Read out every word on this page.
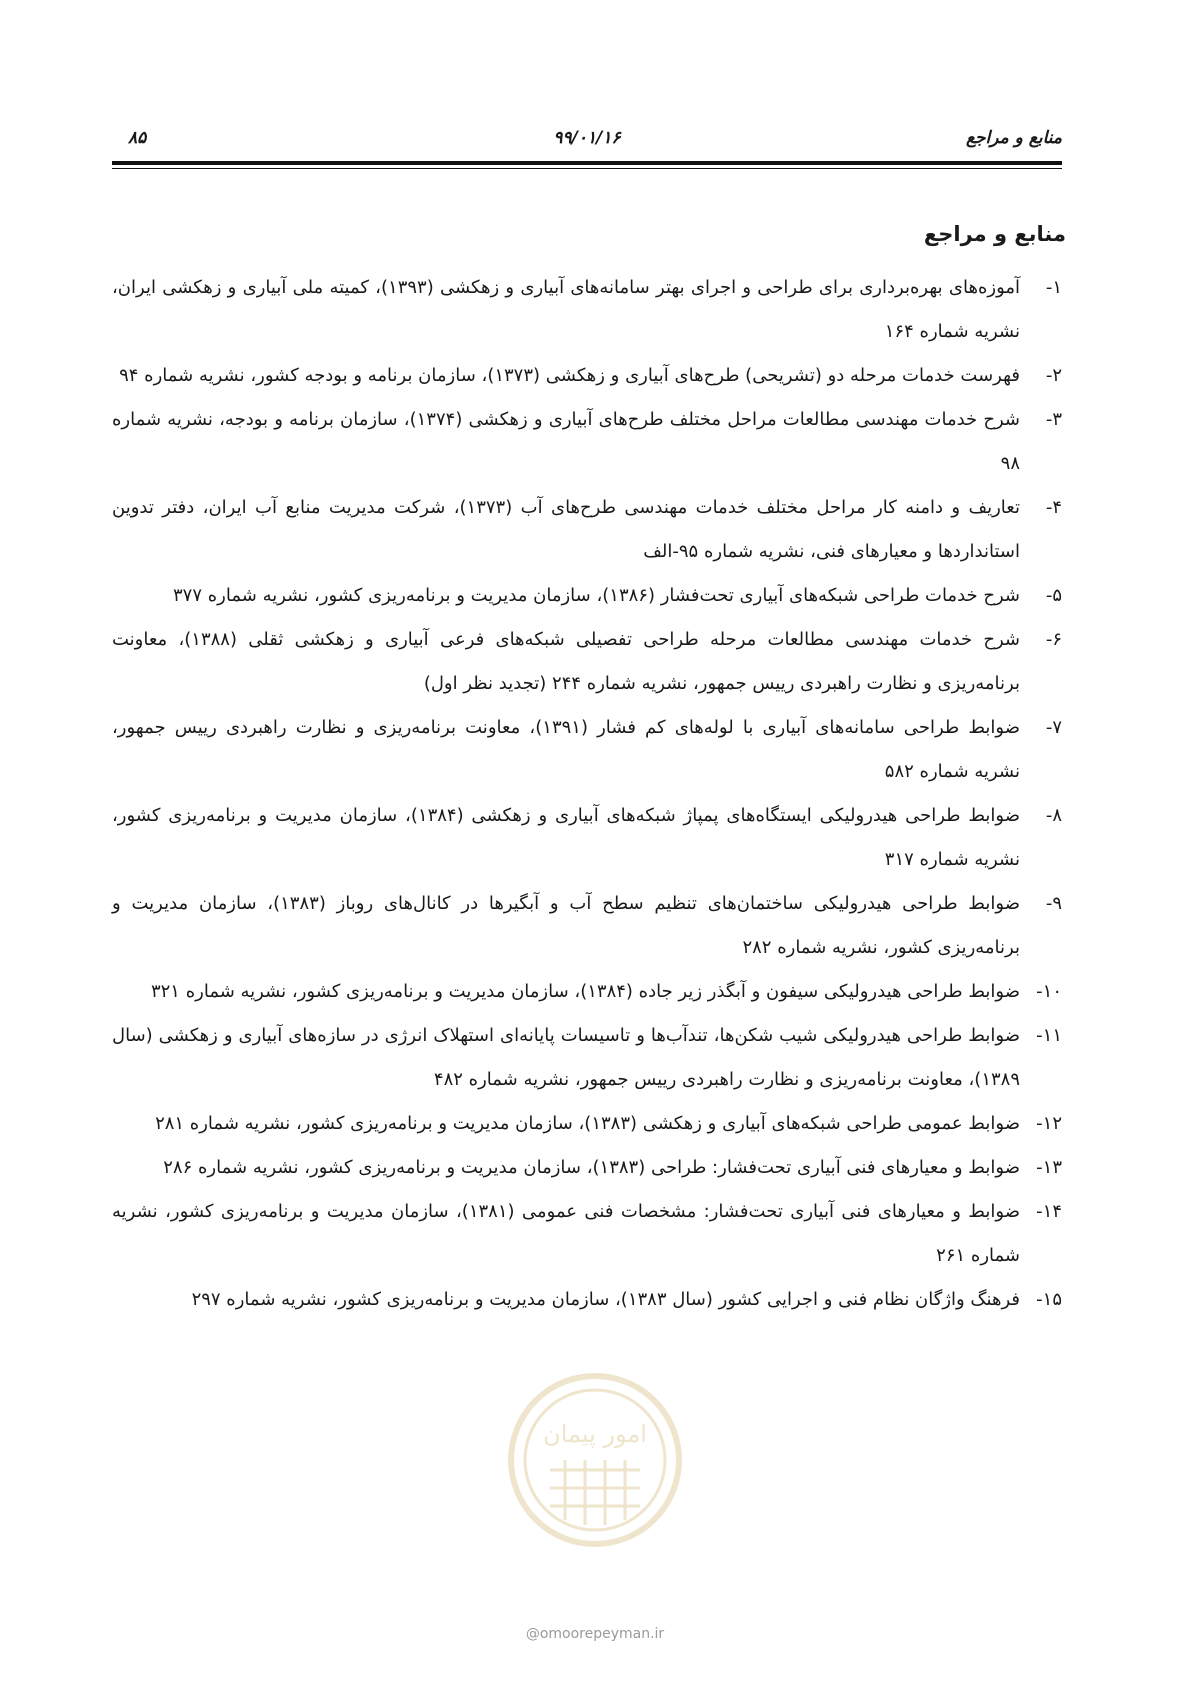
۸۵	۹۹/۰۱/۱۶	منابع و مراجع
منابع و مراجع
۱-
آموزه‌های بهره‌برداری برای طراحی و اجرای بهتر سامانه‌های آبیاری و زهکشی (۱۳۹۳)، کمیته ملی آبیاری و زهکشی ایران، نشریه شماره ۱۶۴
۲-
فهرست خدمات مرحله دو (تشریحی) طرح‌های آبیاری و زهکشی (۱۳۷۳)، سازمان برنامه و بودجه کشور، نشریه شماره ۹۴
۳-
شرح خدمات مهندسی مطالعات مراحل مختلف طرح‌های آبیاری و زهکشی (۱۳۷۴)، سازمان برنامه و بودجه، نشریه شماره ۹۸
۴-
تعاریف و دامنه کار مراحل مختلف خدمات مهندسی طرح‌های آب (۱۳۷۳)، شرکت مدیریت منابع آب ایران، دفتر تدوین استانداردها و معیارهای فنی، نشریه شماره ۹۵-الف
۵-
شرح خدمات طراحی شبکه‌های آبیاری تحت‌فشار (۱۳۸۶)، سازمان مدیریت و برنامه‌ریزی کشور، نشریه شماره ۳۷۷
۶-
شرح خدمات مهندسی مطالعات مرحله طراحی تفصیلی شبکه‌های فرعی آبیاری و زهکشی ثقلی (۱۳۸۸)، معاونت برنامه‌ریزی و نظارت راهبردی رییس جمهور، نشریه شماره ۲۴۴ (تجدید نظر اول)
۷-
ضوابط طراحی سامانه‌های آبیاری با لوله‌های کم فشار (۱۳۹۱)، معاونت برنامه‌ریزی و نظارت راهبردی رییس جمهور، نشریه شماره ۵۸۲
۸-
ضوابط طراحی هیدرولیکی ایستگاه‌های پمپاژ شبکه‌های آبیاری و زهکشی (۱۳۸۴)، سازمان مدیریت و برنامه‌ریزی کشور، نشریه شماره ۳۱۷
۹-
ضوابط طراحی هیدرولیکی ساختمان‌های تنظیم سطح آب و آبگیرها در کانال‌های روباز (۱۳۸۳)، سازمان مدیریت و برنامه‌ریزی کشور، نشریه شماره ۲۸۲
۱۰-
ضوابط طراحی هیدرولیکی سیفون و آبگذر زیر جاده (۱۳۸۴)، سازمان مدیریت و برنامه‌ریزی کشور، نشریه شماره ۳۲۱
۱۱-
ضوابط طراحی هیدرولیکی شیب شکن‌ها، تندآب‌ها و تاسیسات پایانه‌ای استهلاک انرژی در سازه‌های آبیاری و زهکشی (سال ۱۳۸۹)، معاونت برنامه‌ریزی و نظارت راهبردی رییس جمهور، نشریه شماره ۴۸۲
۱۲-
ضوابط عمومی طراحی شبکه‌های آبیاری و زهکشی (۱۳۸۳)، سازمان مدیریت و برنامه‌ریزی کشور، نشریه شماره ۲۸۱
۱۳-
ضوابط و معیارهای فنی آبیاری تحت‌فشار: طراحی (۱۳۸۳)، سازمان مدیریت و برنامه‌ریزی کشور، نشریه شماره ۲۸۶
۱۴-
ضوابط و معیارهای فنی آبیاری تحت‌فشار: مشخصات فنی عمومی (۱۳۸۱)، سازمان مدیریت و برنامه‌ریزی کشور، نشریه شماره ۲۶۱
۱۵-
فرهنگ واژگان نظام فنی و اجرایی کشور (سال ۱۳۸۳)، سازمان مدیریت و برنامه‌ریزی کشور، نشریه شماره ۲۹۷
امور پیمان
@omoorepeyman.ir
